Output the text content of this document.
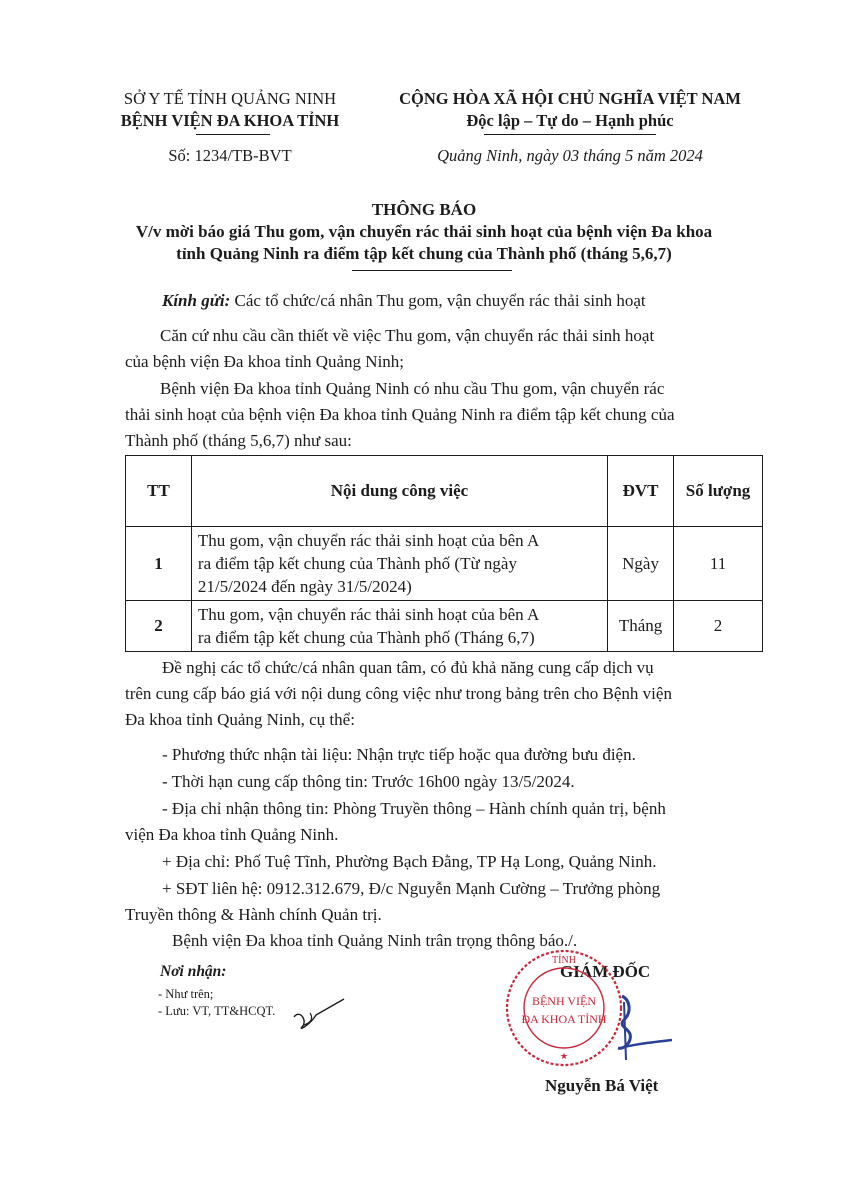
SỞ Y TẾ TỈNH QUẢNG NINH
BỆNH VIỆN ĐA KHOA TỈNH
Số: 1234/TB-BVT
CỘNG HÒA XÃ HỘI CHỦ NGHĨA VIỆT NAM
Độc lập – Tự do – Hạnh phúc
Quảng Ninh, ngày 03 tháng 5 năm 2024
THÔNG BÁO
V/v mời báo giá Thu gom, vận chuyển rác thải sinh hoạt của bệnh viện Đa khoa
tỉnh Quảng Ninh ra điểm tập kết chung của Thành phố (tháng 5,6,7)
Kính gửi: Các tổ chức/cá nhân Thu gom, vận chuyển rác thải sinh hoạt
Căn cứ nhu cầu cần thiết về việc Thu gom, vận chuyển rác thải sinh hoạt
của bệnh viện Đa khoa tỉnh Quảng Ninh;
Bệnh viện Đa khoa tỉnh Quảng Ninh có nhu cầu Thu gom, vận chuyển rác
thải sinh hoạt của bệnh viện Đa khoa tỉnh Quảng Ninh ra điểm tập kết chung của
Thành phố (tháng 5,6,7) như sau:
TT	Nội dung công việc	ĐVT	Số lượng
1	Thu gom, vận chuyển rác thải sinh hoạt của bên A
ra điểm tập kết chung của Thành phố (Từ ngày
21/5/2024 đến ngày 31/5/2024)	Ngày	11
2	Thu gom, vận chuyển rác thải sinh hoạt của bên A
ra điểm tập kết chung của Thành phố (Tháng 6,7)	Tháng	2
Đề nghị các tổ chức/cá nhân quan tâm, có đủ khả năng cung cấp dịch vụ
trên cung cấp báo giá với nội dung công việc như trong bảng trên cho Bệnh viện
Đa khoa tỉnh Quảng Ninh, cụ thể:
- Phương thức nhận tài liệu: Nhận trực tiếp hoặc qua đường bưu điện.
- Thời hạn cung cấp thông tin: Trước 16h00 ngày 13/5/2024.
- Địa chỉ nhận thông tin: Phòng Truyền thông – Hành chính quản trị, bệnh
viện Đa khoa tỉnh Quảng Ninh.
+ Địa chỉ: Phố Tuệ Tĩnh, Phường Bạch Đằng, TP Hạ Long, Quảng Ninh.
+ SĐT liên hệ: 0912.312.679, Đ/c Nguyễn Mạnh Cường – Trưởng phòng
Truyền thông & Hành chính Quản trị.
Bệnh viện Đa khoa tỉnh Quảng Ninh trân trọng thông báo./.
Nơi nhận:
- Như trên;
- Lưu: VT, TT&HCQT.
GIÁM ĐỐC
TỈNH
BỆNH VIỆN
ĐA KHOA TỈNH
★
Nguyễn Bá Việt
